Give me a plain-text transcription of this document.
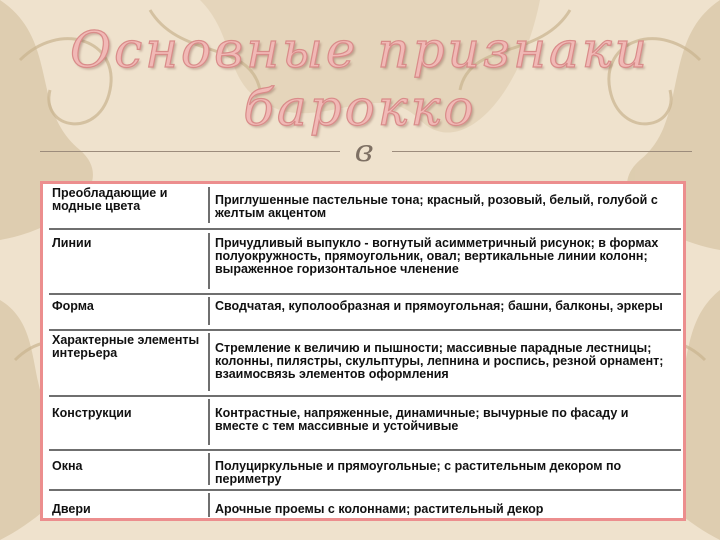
Основные признаки
барокко
ɞ
Преобладающие и модные цвета	Приглушенные пастельные тона; красный, розовый, белый, голубой с желтым акцентом
Линии	Причудливый выпукло - вогнутый асимметричный рисунок; в формах полуокружность, прямоугольник, овал; вертикальные линии колонн; выраженное горизонтальное членение
Форма	Сводчатая, куполообразная и прямоугольная; башни, балконы, эркеры
Характерные элементы интерьера	Стремление к величию и пышности; массивные парадные лестницы; колонны, пилястры, скульптуры, лепнина и роспись, резной орнамент; взаимосвязь элементов оформления
Конструкции	Контрастные, напряженные, динамичные; вычурные по фасаду и вместе с тем массивные и устойчивые
Окна	Полуциркульные и прямоугольные; с растительным декором по периметру
Двери	Арочные проемы с колоннами; растительный декор
